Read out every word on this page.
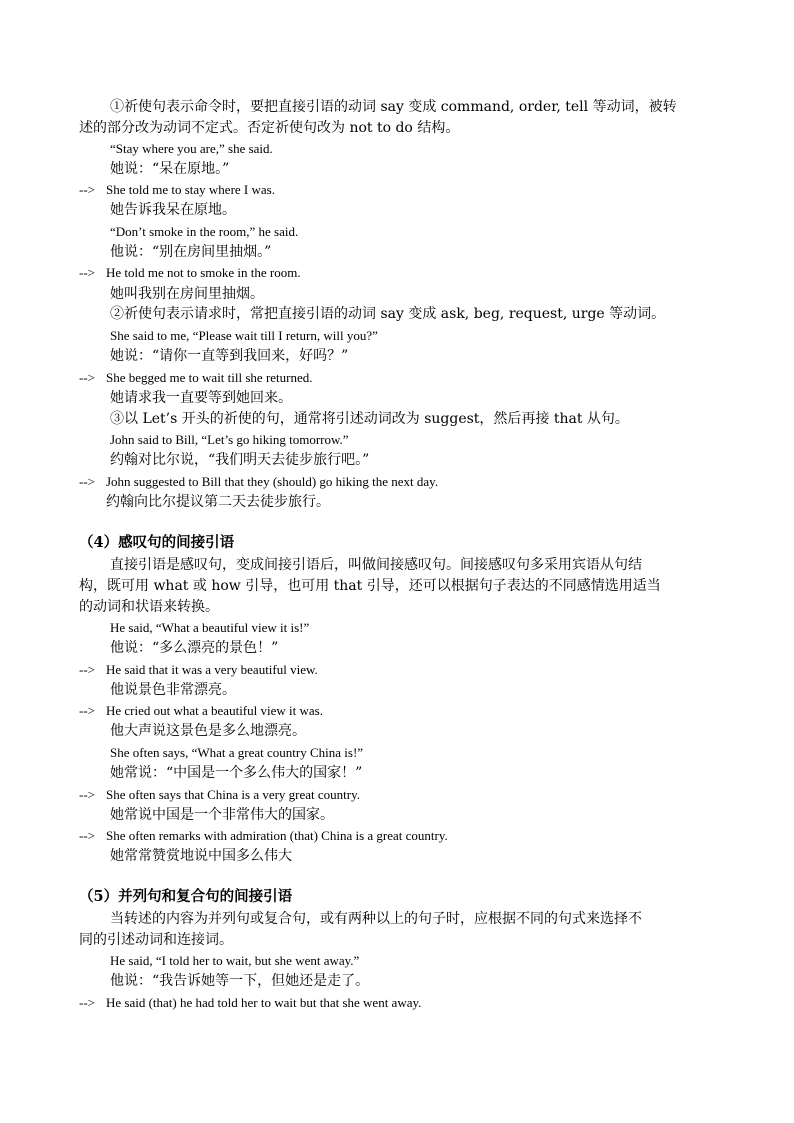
①祈使句表示命令时，要把直接引语的动词 say 变成 command, order, tell 等动词，被转
述的部分改为动词不定式。否定祈使句改为 not to do 结构。
“Stay where you are,” she said.
她说：“呆在原地。”
--> She told me to stay where I was.
她告诉我呆在原地。
“Don’t smoke in the room,” he said.
他说：“别在房间里抽烟。”
--> He told me not to smoke in the room.
她叫我别在房间里抽烟。
②祈使句表示请求时，常把直接引语的动词 say 变成 ask, beg, request, urge 等动词。
She said to me, “Please wait till I return, will you?”
她说：“请你一直等到我回来，好吗？”
--> She begged me to wait till she returned.
她请求我一直要等到她回来。
③以 Let’s 开头的祈使的句，通常将引述动词改为 suggest，然后再接 that 从句。
John said to Bill, “Let’s go hiking tomorrow.”
约翰对比尔说，“我们明天去徒步旅行吧。”
--> John suggested to Bill that they (should) go hiking the next day.
约翰向比尔提议第二天去徒步旅行。
（4）感叹句的间接引语
直接引语是感叹句，变成间接引语后，叫做间接感叹句。间接感叹句多采用宾语从句结
构，既可用 what 或 how 引导，也可用 that 引导，还可以根据句子表达的不同感情选用适当
的动词和状语来转换。
He said, “What a beautiful view it is!”
他说：“多么漂亮的景色！”
--> He said that it was a very beautiful view.
他说景色非常漂亮。
--> He cried out what a beautiful view it was.
他大声说这景色是多么地漂亮。
She often says, “What a great country China is!”
她常说：“中国是一个多么伟大的国家！”
--> She often says that China is a very great country.
她常说中国是一个非常伟大的国家。
--> She often remarks with admiration (that) China is a great country.
她常常赞赏地说中国多么伟大
（5）并列句和复合句的间接引语
当转述的内容为并列句或复合句，或有两种以上的句子时，应根据不同的句式来选择不
同的引述动词和连接词。
He said, “I told her to wait, but she went away.”
他说：“我告诉她等一下，但她还是走了。
--> He said (that) he had told her to wait but that she went away.
